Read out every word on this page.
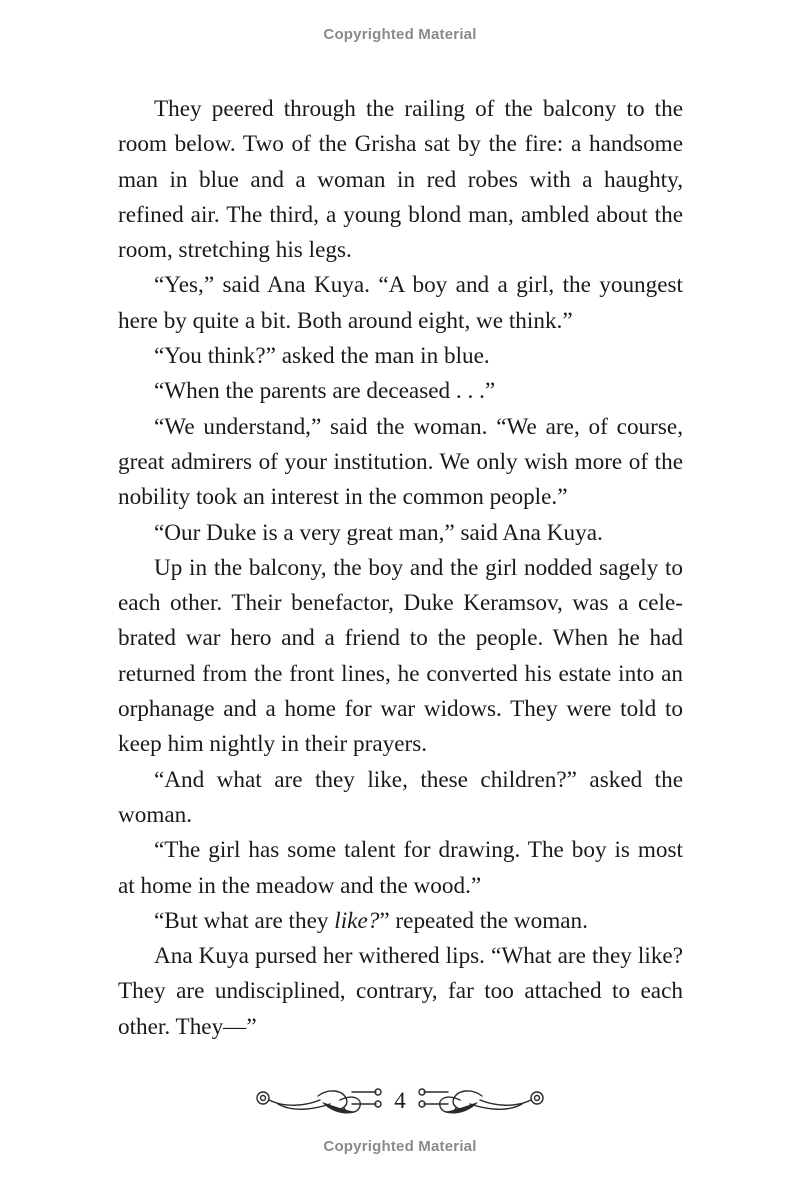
Copyrighted Material

They peered through the railing of the balcony to the room below. Two of the Grisha sat by the fire: a handsome man in blue and a woman in red robes with a haughty, refined air. The third, a young blond man, ambled about the room, stretching his legs.

“Yes,” said Ana Kuya. “A boy and a girl, the youngest here by quite a bit. Both around eight, we think.”

“You think?” asked the man in blue.

“When the parents are deceased . . .”

“We understand,” said the woman. “We are, of course, great admirers of your institution. We only wish more of the nobility took an interest in the common people.”

“Our Duke is a very great man,” said Ana Kuya.

Up in the balcony, the boy and the girl nodded sagely to each other. Their benefactor, Duke Keramsov, was a celebrated war hero and a friend to the people. When he had returned from the front lines, he converted his estate into an orphanage and a home for war widows. They were told to keep him nightly in their prayers.

“And what are they like, these children?” asked the woman.

“The girl has some talent for drawing. The boy is most at home in the meadow and the wood.”

“But what are they like?” repeated the woman.

Ana Kuya pursed her withered lips. “What are they like? They are undisciplined, contrary, far too attached to each other. They—”

4
Copyrighted Material
